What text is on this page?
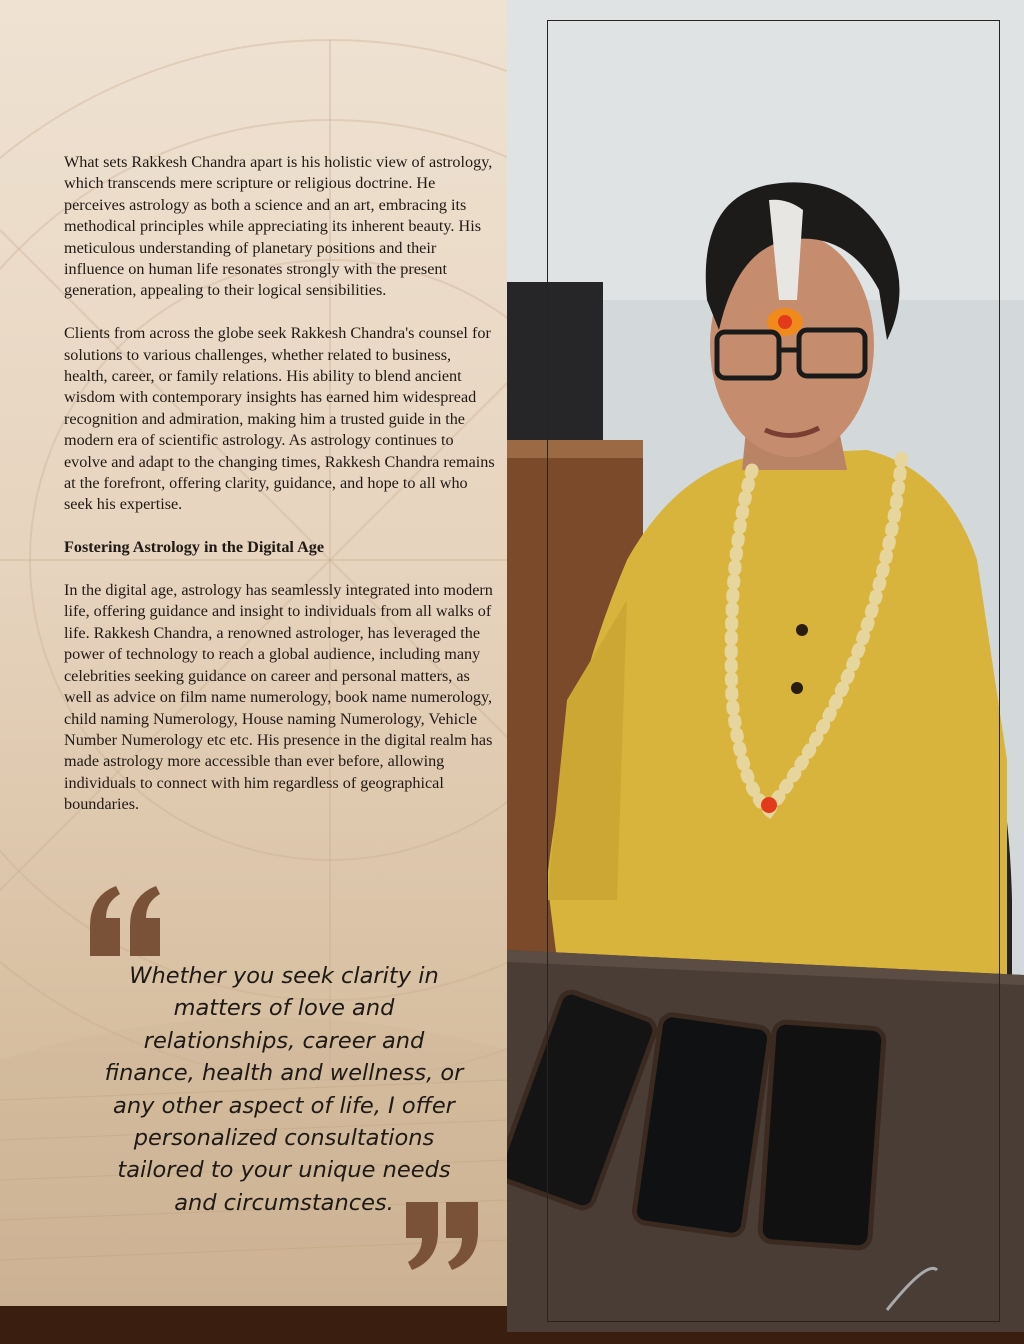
What sets Rakkesh Chandra apart is his holistic view of astrology, which transcends mere scripture or religious doctrine. He perceives astrology as both a science and an art, embracing its methodical principles while appreciating its inherent beauty. His meticulous understanding of planetary positions and their influence on human life resonates strongly with the present generation, appealing to their logical sensibilities.

Clients from across the globe seek Rakkesh Chandra's counsel for solutions to various challenges, whether related to business, health, career, or family relations. His ability to blend ancient wisdom with contemporary insights has earned him widespread recognition and admiration, making him a trusted guide in the modern era of scientific astrology. As astrology continues to evolve and adapt to the changing times, Rakkesh Chandra remains at the forefront, offering clarity, guidance, and hope to all who seek his expertise.

Fostering Astrology in the Digital Age

In the digital age, astrology has seamlessly integrated into modern life, offering guidance and insight to individuals from all walks of life. Rakkesh Chandra, a renowned astrologer, has leveraged the power of technology to reach a global audience, including many celebrities seeking guidance on career and personal matters, as well as advice on film name numerology, book name numerology, child naming Numerology, House naming Numerology, Vehicle Number Numerology etc etc. His presence in the digital realm has made astrology more accessible than ever before, allowing individuals to connect with him regardless of geographical boundaries.

Whether you seek clarity in matters of love and relationships, career and finance, health and wellness, or any other aspect of life, I offer personalized consultations tailored to your unique needs and circumstances.
